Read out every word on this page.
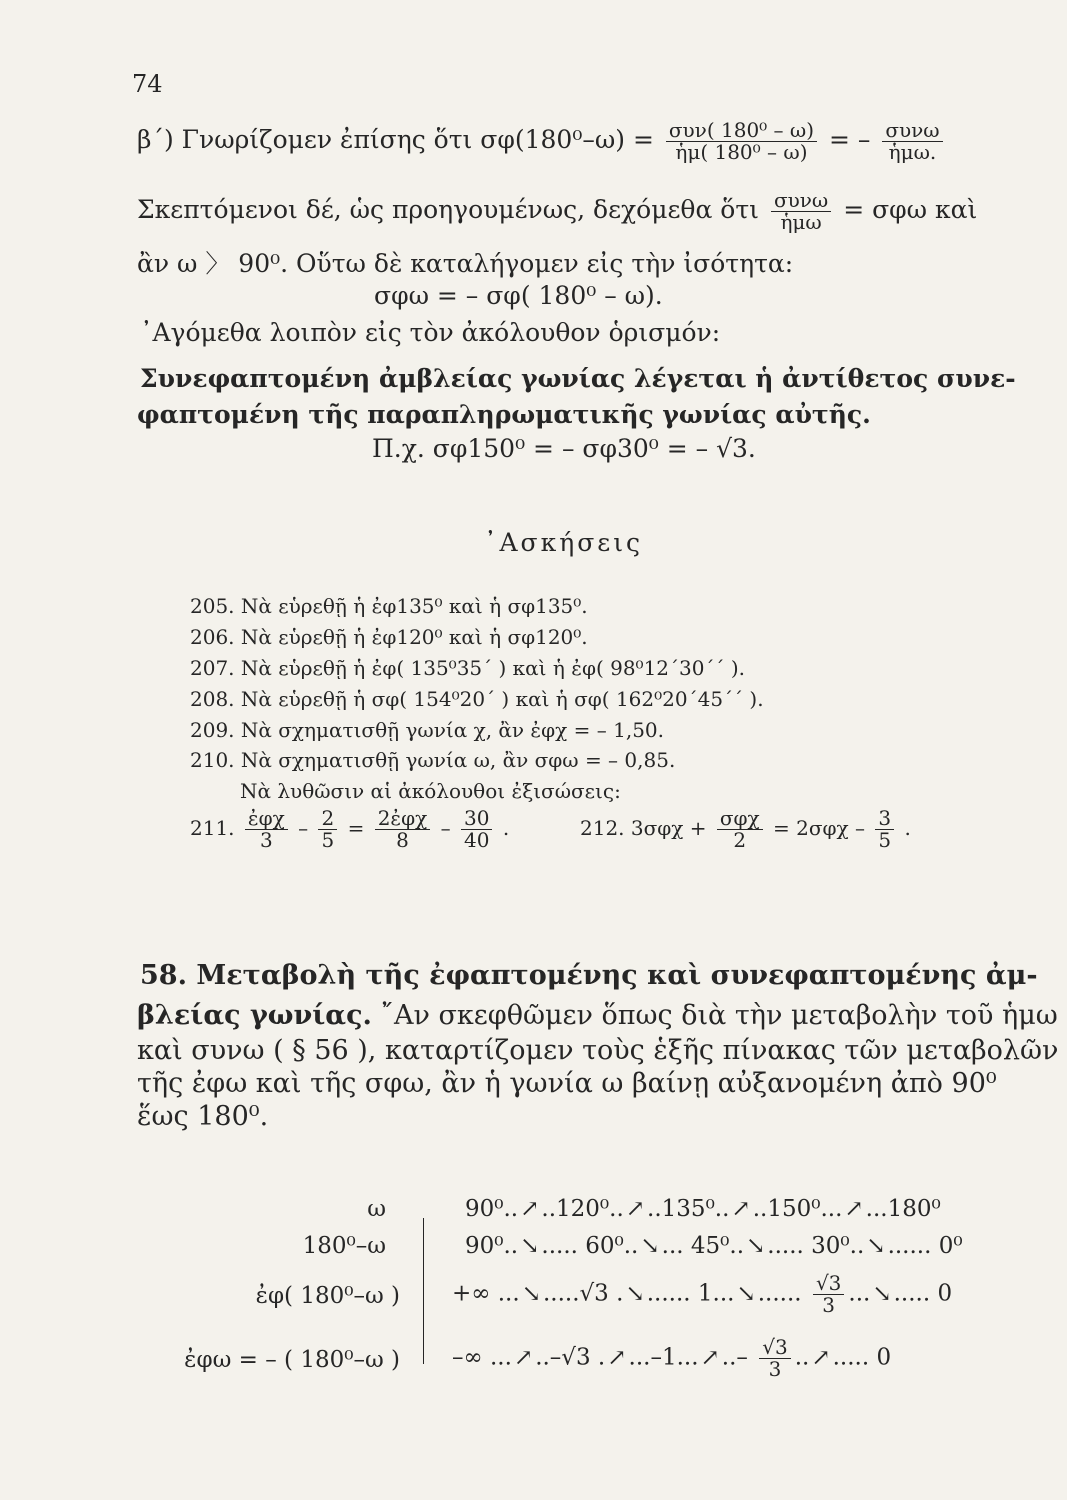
74
β΄) Γνωρίζομεν ἐπίσης ὅτι $\sigma\varphi(180^0-\omega) = \frac{\text{συν( 180⁰ – ω)}}{\text{ἡμ( 180⁰ – ω)}}$ = – $\frac{\text{συνω}}{\text{ἡμω.}}$
Σκεπτόμενοι δέ, ὡς προηγουμένως, δεχόμεθα ὅτι $\frac{\text{συνω}}{\text{ἡμω}} = \sigma\varphi\omega$ καὶ
ἂν ω 〉 90⁰. Οὕτω δὲ καταλήγομεν εἰς τὴν ἰσότητα:
σφω = – σφ( 180⁰ – ω).
᾿Αγόμεθα λοιπὸν εἰς τὸν ἀκόλουθον ὁρισμόν:
Συνεφαπτομένη ἀμβλείας γωνίας λέγεται ἡ ἀντίθετος συνε-
φαπτομένη τῆς παραπληρωματικῆς γωνίας αὐτῆς.
Π.χ. σφ150⁰ = – σφ30⁰ = – √3.
᾿Ασκήσεις
205. Νὰ εὑρεθῇ ἡ ἐφ135⁰ καὶ ἡ σφ135⁰.
206. Νὰ εὑρεθῇ ἡ ἐφ120⁰ καὶ ἡ σφ120⁰.
207. Νὰ εὑρεθῇ ἡ ἐφ( 135⁰35΄ ) καὶ ἡ ἐφ( 98⁰12΄30΄΄ ).
208. Νὰ εὑρεθῇ ἡ σφ( 154⁰20΄ ) καὶ ἡ σφ( 162⁰20΄45΄΄ ).
209. Νὰ σχηματισθῇ γωνία χ, ἂν ἐφχ = – 1,50.
210. Νὰ σχηματισθῇ γωνία ω, ἂν σφω = – 0,85.
Νὰ λυθῶσιν αἱ ἀκόλουθοι ἐξισώσεις:
211. $\frac{\text{ἐφχ}}{3} - \frac{2}{5} = \frac{\text{2ἐφχ}}{8} - \frac{30}{40}$ .	212. $3\sigma\varphi\chi + \frac{\text{σφχ}}{2} = 2\sigma\varphi\chi - \frac{3}{5}$ .
58. Μεταβολὴ τῆς ἐφαπτομένης καὶ συνεφαπτομένης ἀμ-
βλείας γωνίας. ῎Αν σκεφθῶμεν ὅπως διὰ τὴν μεταβολὴν τοῦ ἡμω
καὶ συνω ( § 56 ), καταρτίζομεν τοὺς ἑξῆς πίνακας τῶν μεταβολῶν
τῆς ἐφω καὶ τῆς σφω, ἂν ἡ γωνία ω βαίνῃ αὐξανομένη ἀπὸ 90⁰
ἕως 180⁰.
ω
180⁰–ω
ἐφ( 180⁰–ω )
ἐφω = – ( 180⁰–ω )
90⁰..↗..120⁰..↗..135⁰..↗..150⁰...↗...180⁰
90⁰..↘..... 60⁰..↘... 45⁰..↘..... 30⁰..↘...... 0⁰
+∞ ...↘.....√3 .↘...... 1...↘...... $\frac{√3}{3}$ ...↘..... 0
–∞ ...↗..–√3 .↗...–1...↗..– $\frac{√3}{3}$ ..↗..... 0
